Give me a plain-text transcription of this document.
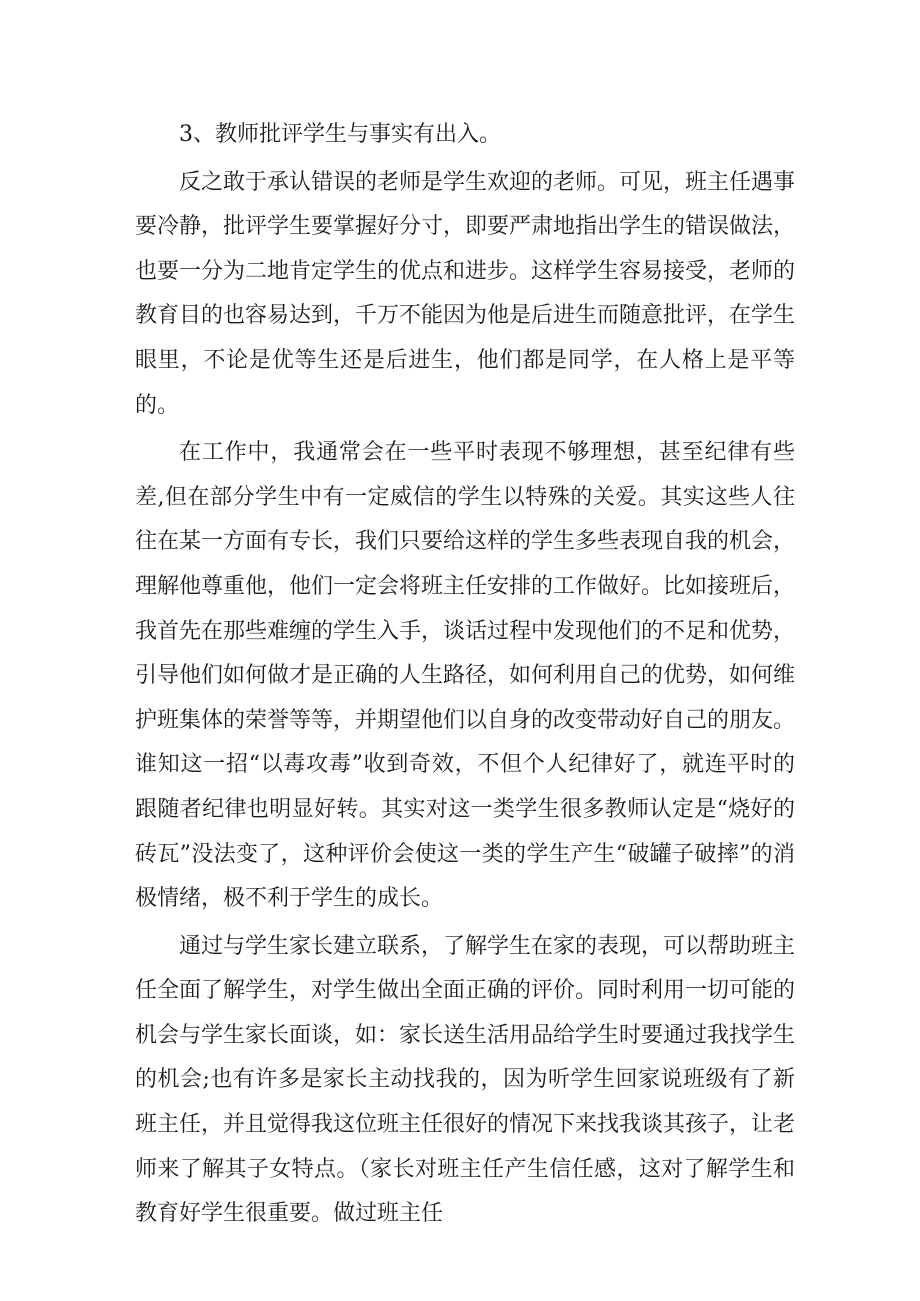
3、教师批评学生与事实有出入。

反之敢于承认错误的老师是学生欢迎的老师。可见，班主任遇事要冷静，批评学生要掌握好分寸，即要严肃地指出学生的错误做法，也要一分为二地肯定学生的优点和进步。这样学生容易接受，老师的教育目的也容易达到，千万不能因为他是后进生而随意批评，在学生眼里，不论是优等生还是后进生，他们都是同学，在人格上是平等的。

在工作中，我通常会在一些平时表现不够理想，甚至纪律有些差,但在部分学生中有一定威信的学生以特殊的关爱。其实这些人往往在某一方面有专长，我们只要给这样的学生多些表现自我的机会，理解他尊重他，他们一定会将班主任安排的工作做好。比如接班后，我首先在那些难缠的学生入手，谈话过程中发现他们的不足和优势，引导他们如何做才是正确的人生路径，如何利用自己的优势，如何维护班集体的荣誉等等，并期望他们以自身的改变带动好自己的朋友。谁知这一招“以毒攻毒”收到奇效，不但个人纪律好了，就连平时的跟随者纪律也明显好转。其实对这一类学生很多教师认定是“烧好的砖瓦”没法变了，这种评价会使这一类的学生产生“破罐子破摔”的消极情绪，极不利于学生的成长。

通过与学生家长建立联系，了解学生在家的表现，可以帮助班主任全面了解学生，对学生做出全面正确的评价。同时利用一切可能的机会与学生家长面谈，如：家长送生活用品给学生时要通过我找学生的机会;也有许多是家长主动找我的，因为听学生回家说班级有了新班主任，并且觉得我这位班主任很好的情况下来找我谈其孩子，让老师来了解其子女特点。（家长对班主任产生信任感，这对了解学生和教育好学生很重要。做过班主任
